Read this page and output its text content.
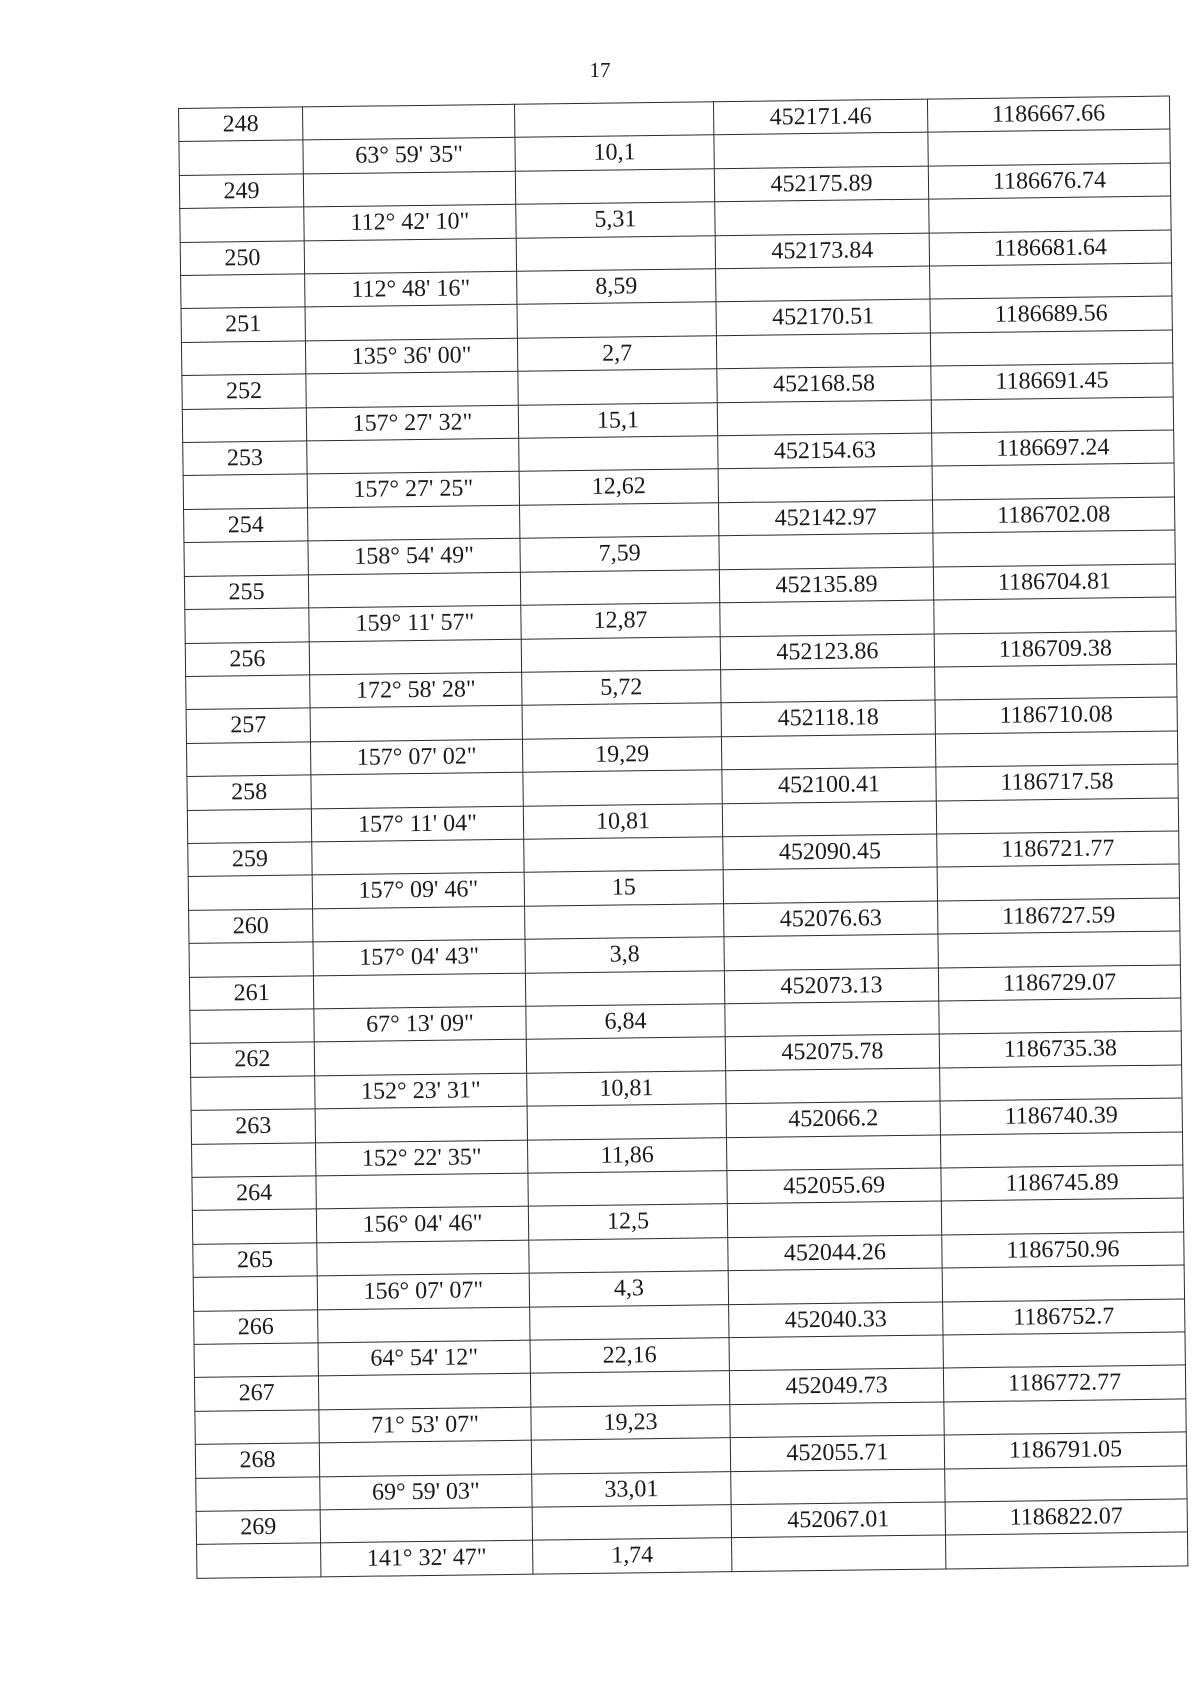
17
248			452171.46	1186667.66
	63° 59' 35"	10,1		
249			452175.89	1186676.74
	112° 42' 10"	5,31		
250			452173.84	1186681.64
	112° 48' 16"	8,59		
251			452170.51	1186689.56
	135° 36' 00"	2,7		
252			452168.58	1186691.45
	157° 27' 32"	15,1		
253			452154.63	1186697.24
	157° 27' 25"	12,62		
254			452142.97	1186702.08
	158° 54' 49"	7,59		
255			452135.89	1186704.81
	159° 11' 57"	12,87		
256			452123.86	1186709.38
	172° 58' 28"	5,72		
257			452118.18	1186710.08
	157° 07' 02"	19,29		
258			452100.41	1186717.58
	157° 11' 04"	10,81		
259			452090.45	1186721.77
	157° 09' 46"	15		
260			452076.63	1186727.59
	157° 04' 43"	3,8		
261			452073.13	1186729.07
	67° 13' 09"	6,84		
262			452075.78	1186735.38
	152° 23' 31"	10,81		
263			452066.2	1186740.39
	152° 22' 35"	11,86		
264			452055.69	1186745.89
	156° 04' 46"	12,5		
265			452044.26	1186750.96
	156° 07' 07"	4,3		
266			452040.33	1186752.7
	64° 54' 12"	22,16		
267			452049.73	1186772.77
	71° 53' 07"	19,23		
268			452055.71	1186791.05
	69° 59' 03"	33,01		
269			452067.01	1186822.07
	141° 32' 47"	1,74		
